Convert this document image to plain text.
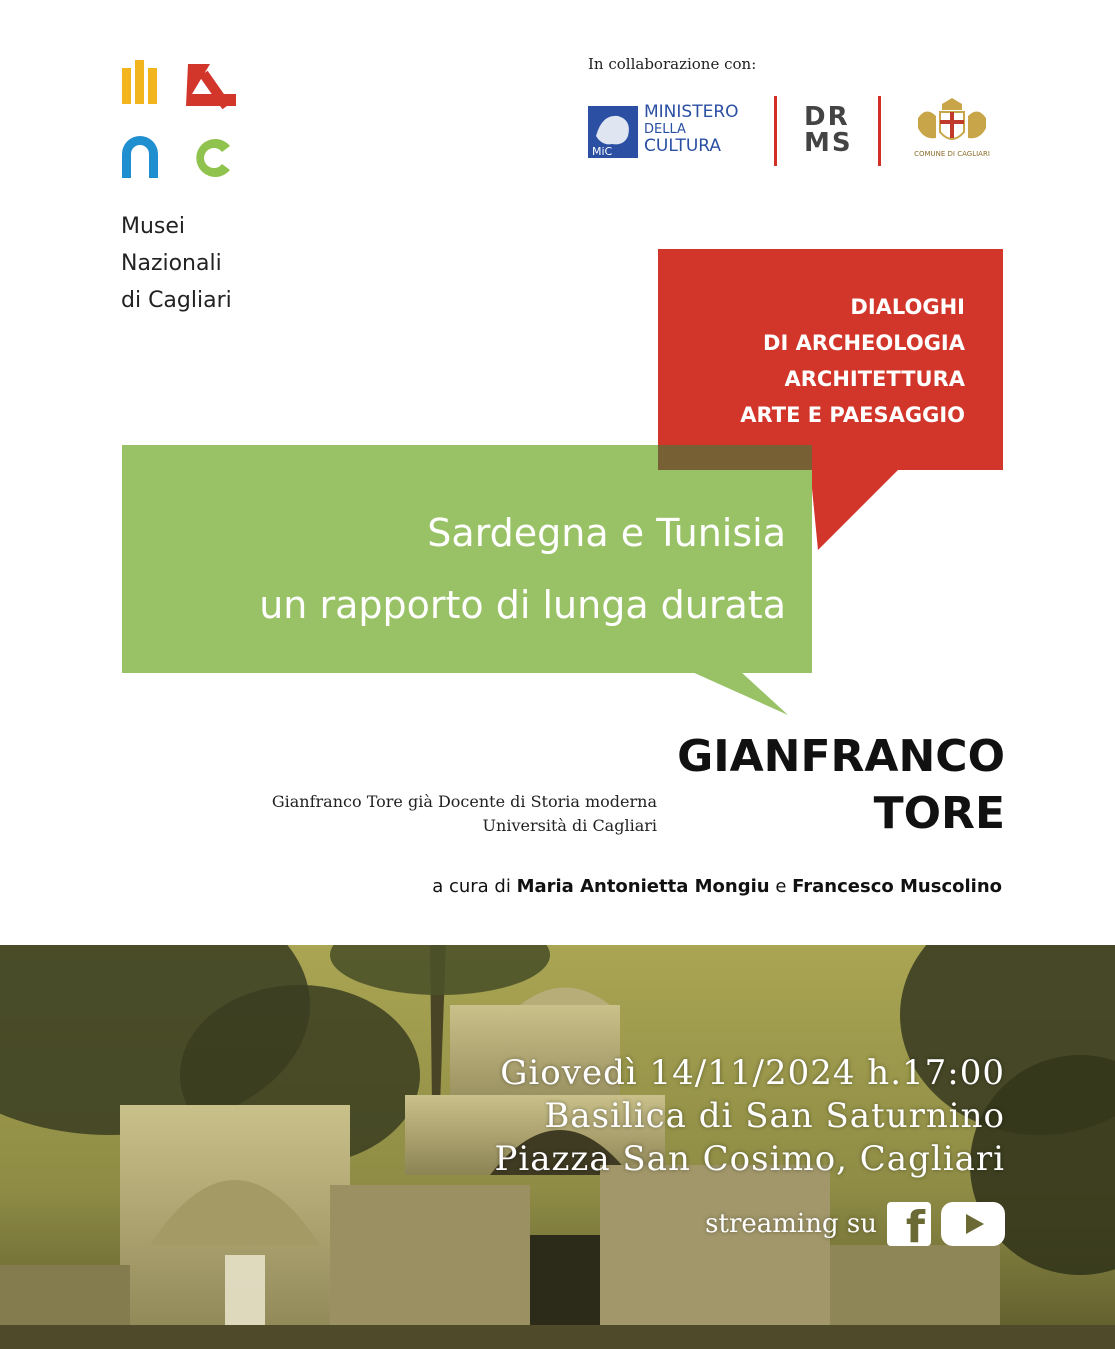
Musei
Nazionali
di Cagliari
In collaborazione con:
MiC
MINISTERO
DELLA
CULTURA
DR
MS	COMUNE DI CAGLIARI
DIALOGHI
DI ARCHEOLOGIA
ARCHITETTURA
ARTE E PAESAGGIO
Sardegna e Tunisia
un rapporto di lunga durata
GIANFRANCO
TORE
Gianfranco Tore già Docente di Storia moderna
Università di Cagliari
a cura di Maria Antonietta Mongiu e Francesco Muscolino
Giovedì 14/11/2024 h.17:00
Basilica di San Saturnino
Piazza San Cosimo, Cagliari
streaming su f
